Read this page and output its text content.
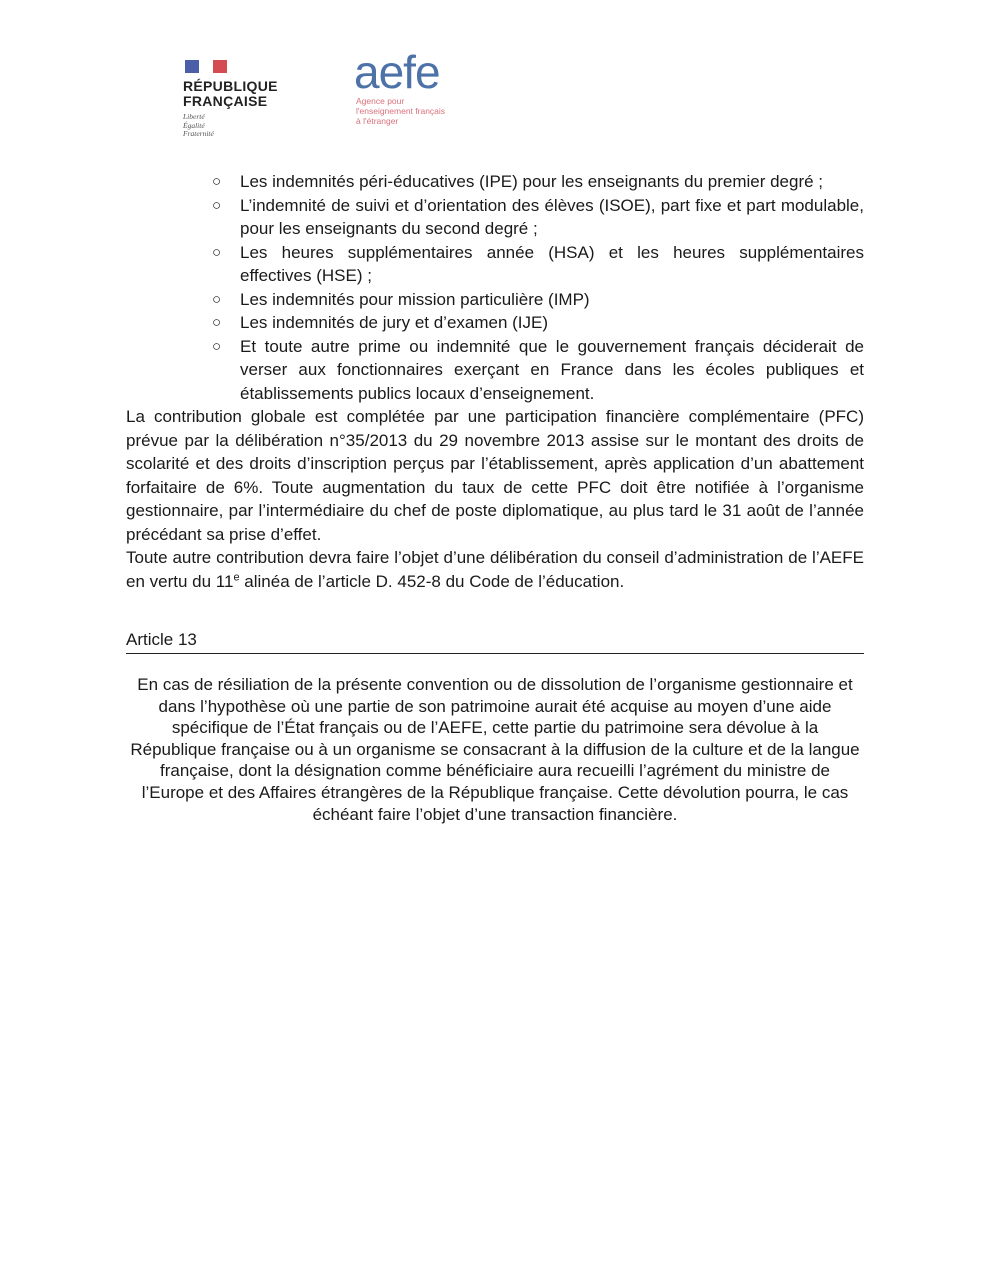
RÉPUBLIQUE
FRANÇAISE
Liberté
Égalité
Fraternité
aefe
Agence pour
l'enseignement français
à l'étranger
○ Les indemnités péri-éducatives (IPE) pour les enseignants du premier degré ;
○ L’indemnité de suivi et d’orientation des élèves (ISOE), part fixe et part modulable, pour les enseignants du second degré ;
○ Les heures supplémentaires année (HSA) et les heures supplémentaires effectives (HSE) ;
○ Les indemnités pour mission particulière (IMP)
○ Les indemnités de jury et d’examen (IJE)
○ Et toute autre prime ou indemnité que le gouvernement français déciderait de verser aux fonctionnaires exerçant en France dans les écoles publiques et établissements publics locaux d’enseignement.

La contribution globale est complétée par une participation financière complémentaire (PFC) prévue par la délibération n°35/2013 du 29 novembre 2013 assise sur le montant des droits de scolarité et des droits d’inscription perçus par l’établissement, après application d’un abattement forfaitaire de 6%. Toute augmentation du taux de cette PFC doit être notifiée à l’organisme gestionnaire, par l’intermédiaire du chef de poste diplomatique, au plus tard le 31 août de l’année précédant sa prise d’effet.

Toute autre contribution devra faire l’objet d’une délibération du conseil d’administration de l’AEFE en vertu du 11e alinéa de l’article D. 452-8 du Code de l’éducation.

Article 13

En cas de résiliation de la présente convention ou de dissolution de l’organisme gestionnaire et dans l’hypothèse où une partie de son patrimoine aurait été acquise au moyen d’une aide spécifique de l’État français ou de l’AEFE, cette partie du patrimoine sera dévolue à la République française ou à un organisme se consacrant à la diffusion de la culture et de la langue française, dont la désignation comme bénéficiaire aura recueilli l’agrément du ministre de l’Europe et des Affaires étrangères de la République française. Cette dévolution pourra, le cas échéant faire l’objet d’une transaction financière.
